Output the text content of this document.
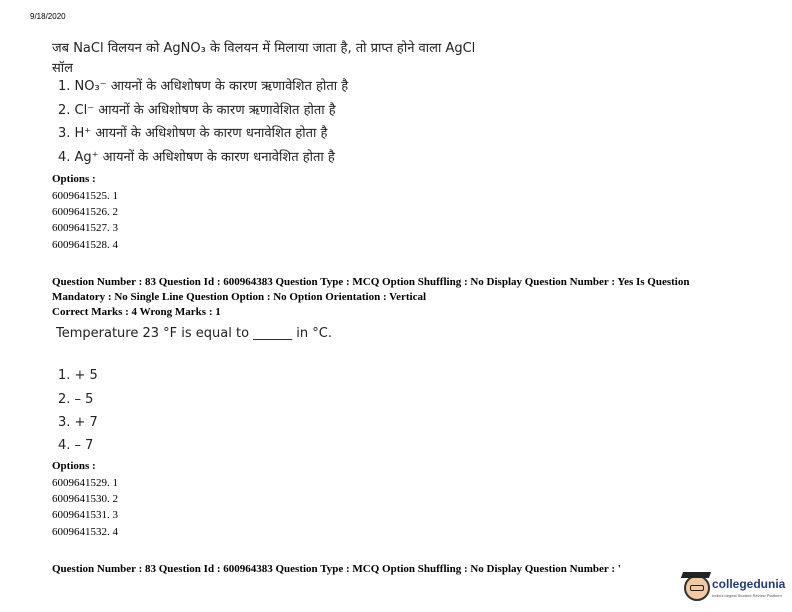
9/18/2020
जब NaCl विलयन को AgNO₃ के विलयन में मिलाया जाता है, तो प्राप्त होने वाला AgCl
सॉल
1. NO₃⁻ आयनों के अधिशोषण के कारण ऋणावेशित होता है
2. Cl⁻ आयनों के अधिशोषण के कारण ऋणावेशित होता है
3. H⁺ आयनों के अधिशोषण के कारण धनावेशित होता है
4. Ag⁺ आयनों के अधिशोषण के कारण धनावेशित होता है
Options :
6009641525. 1
6009641526. 2
6009641527. 3
6009641528. 4
Question Number : 83 Question Id : 600964383 Question Type : MCQ Option Shuffling : No Display Question Number : Yes Is Question
Mandatory : No Single Line Question Option : No Option Orientation : Vertical
Correct Marks : 4 Wrong Marks : 1
Temperature 23 °F is equal to ______ in °C.
1. + 5
2. – 5
3. + 7
4. – 7
Options :
6009641529. 1
6009641530. 2
6009641531. 3
6009641532. 4
Question Number : 83 Question Id : 600964383 Question Type : MCQ Option Shuffling : No Display Question Number : '
collegedunia
India's largest Student Review Platform
